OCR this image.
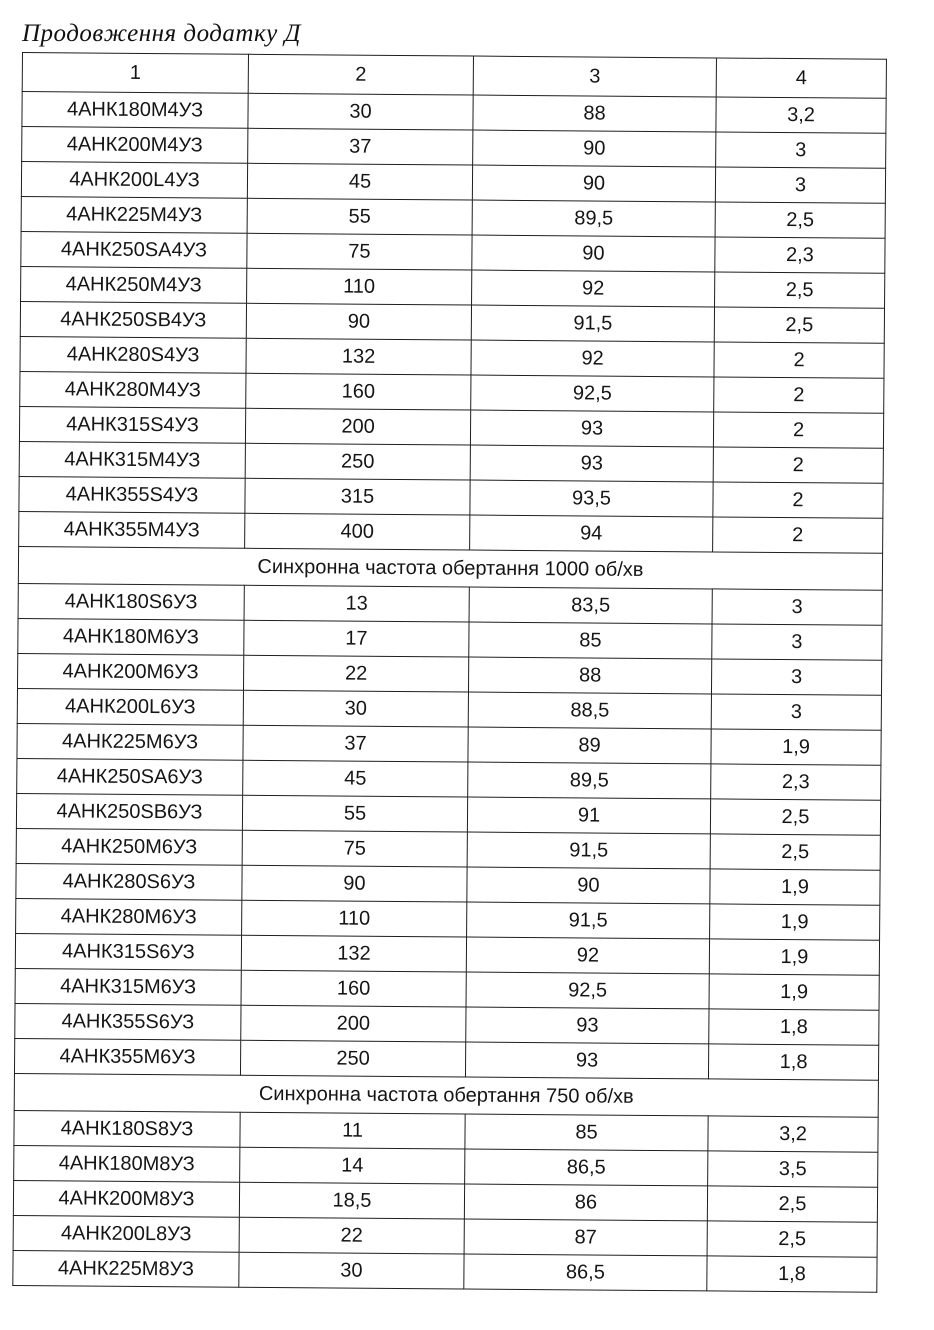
Продовження додатку Д
1	2	3	4
4АНК180М4УЗ	30	88	3,2
4АНК200М4УЗ	37	90	3
4АНК200L4УЗ	45	90	3
4АНК225М4УЗ	55	89,5	2,5
4АНК250SA4УЗ	75	90	2,3
4АНК250М4УЗ	110	92	2,5
4АНК250SB4УЗ	90	91,5	2,5
4АНК280S4УЗ	132	92	2
4АНК280М4УЗ	160	92,5	2
4АНК315S4УЗ	200	93	2
4АНК315М4УЗ	250	93	2
4АНК355S4УЗ	315	93,5	2
4АНК355М4УЗ	400	94	2
Синхронна частота обертання 1000 об/хв			
4АНК180S6УЗ	13	83,5	3
4АНК180М6УЗ	17	85	3
4АНК200М6УЗ	22	88	3
4АНК200L6УЗ	30	88,5	3
4АНК225М6УЗ	37	89	1,9
4АНК250SA6УЗ	45	89,5	2,3
4АНК250SB6УЗ	55	91	2,5
4АНК250М6УЗ	75	91,5	2,5
4АНК280S6УЗ	90	90	1,9
4АНК280М6УЗ	110	91,5	1,9
4АНК315S6УЗ	132	92	1,9
4АНК315М6УЗ	160	92,5	1,9
4АНК355S6УЗ	200	93	1,8
4АНК355М6УЗ	250	93	1,8
Синхронна частота обертання 750 об/хв			
4АНК180S8УЗ	11	85	3,2
4АНК180М8УЗ	14	86,5	3,5
4АНК200М8УЗ	18,5	86	2,5
4АНК200L8УЗ	22	87	2,5
4АНК225М8УЗ	30	86,5	1,8
